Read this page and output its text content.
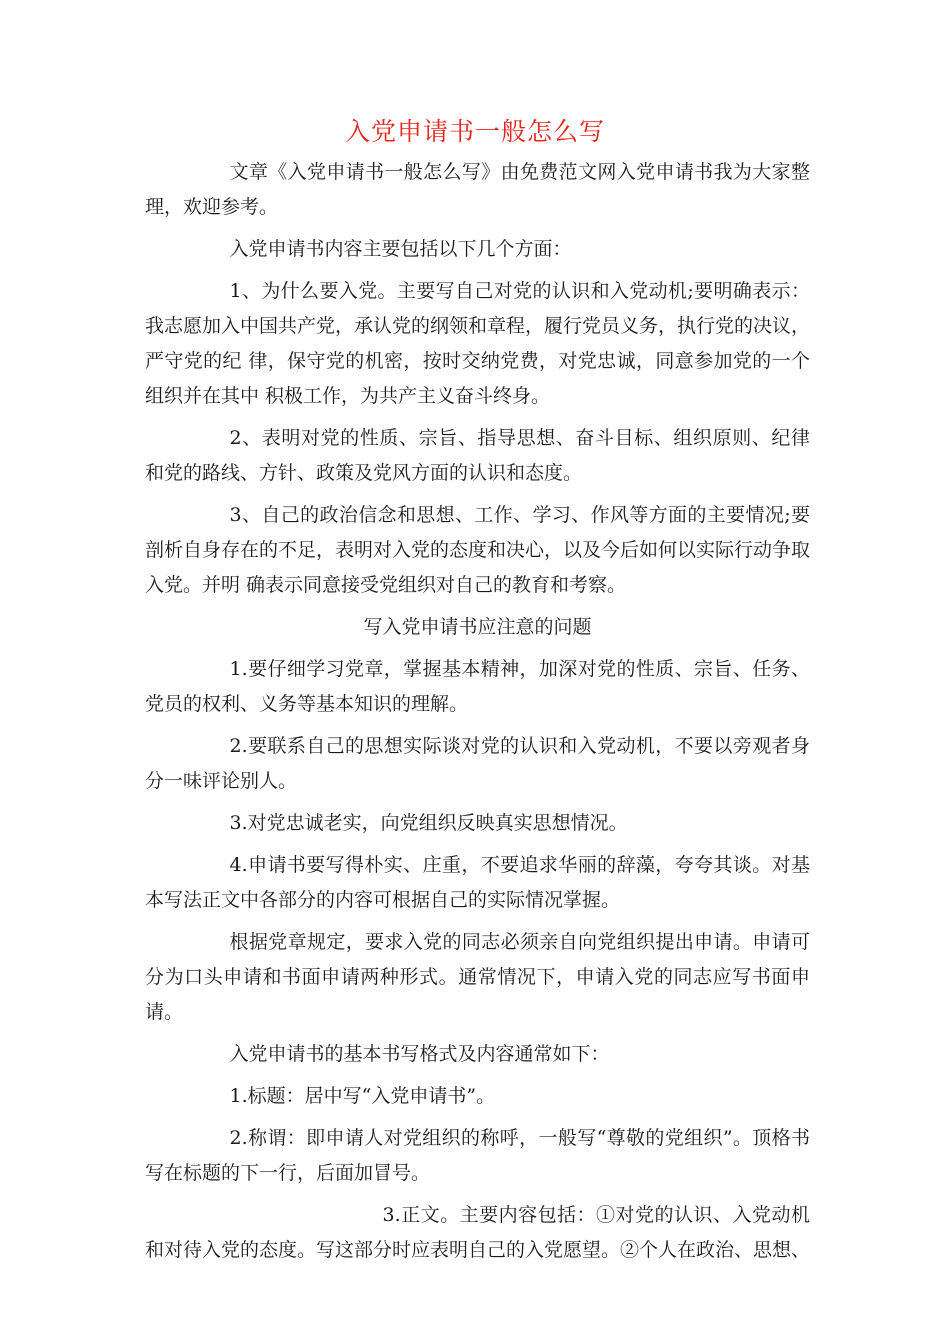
入党申请书一般怎么写

文章《入党申请书一般怎么写》由免费范文网入党申请书我为大家整理，欢迎参考。

入党申请书内容主要包括以下几个方面：

1、为什么要入党。主要写自己对党的认识和入党动机;要明确表示：我志愿加入中国共产党，承认党的纲领和章程，履行党员义务，执行党的决议，严守党的纪 律，保守党的机密，按时交纳党费，对党忠诚，同意参加党的一个组织并在其中 积极工作，为共产主义奋斗终身。

2、表明对党的性质、宗旨、指导思想、奋斗目标、组织原则、纪律和党的路线、方针、政策及党风方面的认识和态度。

3、自己的政治信念和思想、工作、学习、作风等方面的主要情况;要剖析自身存在的不足，表明对入党的态度和决心，以及今后如何以实际行动争取入党。并明 确表示同意接受党组织对自己的教育和考察。

写入党申请书应注意的问题

1.要仔细学习党章，掌握基本精神，加深对党的性质、宗旨、任务、党员的权利、义务等基本知识的理解。

2.要联系自己的思想实际谈对党的认识和入党动机，不要以旁观者身分一味评论别人。

3.对党忠诚老实，向党组织反映真实思想情况。

4.申请书要写得朴实、庄重，不要追求华丽的辞藻，夸夸其谈。对基本写法正文中各部分的内容可根据自己的实际情况掌握。

根据党章规定，要求入党的同志必须亲自向党组织提出申请。申请可分为口头申请和书面申请两种形式。通常情况下，申请入党的同志应写书面申请。

入党申请书的基本书写格式及内容通常如下：

1.标题：居中写“入党申请书”。

2.称谓：即申请人对党组织的称呼，一般写“尊敬的党组织”。顶格书写在标题的下一行，后面加冒号。

3.正文。主要内容包括：①对党的认识、入党动机和对待入党的态度。写这部分时应表明自己的入党愿望。②个人在政治、思想、
